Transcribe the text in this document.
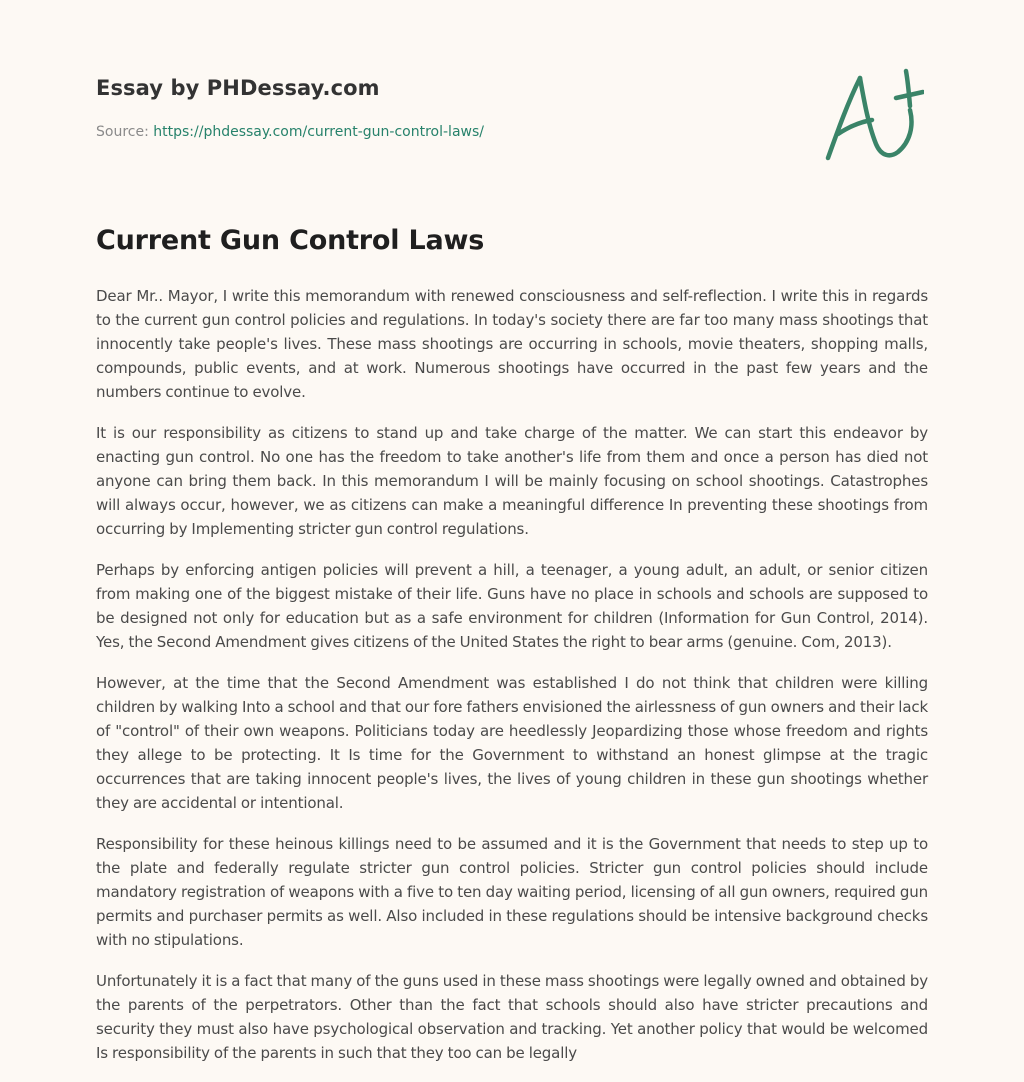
Essay by PHDessay.com
Source: https://phdessay.com/current-gun-control-laws/
Current Gun Control Laws

Dear Mr.. Mayor, I write this memorandum with renewed consciousness and self-reflection. I write this in regards to the current gun control policies and regulations. In today's society there are far too many mass shootings that innocently take people's lives. These mass shootings are occurring in schools, movie theaters, shopping malls, compounds, public events, and at work. Numerous shootings have occurred in the past few years and the numbers continue to evolve.

It is our responsibility as citizens to stand up and take charge of the matter. We can start this endeavor by enacting gun control. No one has the freedom to take another's life from them and once a person has died not anyone can bring them back. In this memorandum I will be mainly focusing on school shootings. Catastrophes will always occur, however, we as citizens can make a meaningful difference In preventing these shootings from occurring by Implementing stricter gun control regulations.

Perhaps by enforcing antigen policies will prevent a hill, a teenager, a young adult, an adult, or senior citizen from making one of the biggest mistake of their life. Guns have no place in schools and schools are supposed to be designed not only for education but as a safe environment for children (Information for Gun Control, 2014). Yes, the Second Amendment gives citizens of the United States the right to bear arms (genuine. Com, 2013).

However, at the time that the Second Amendment was established I do not think that children were killing children by walking Into a school and that our fore fathers envisioned the airlessness of gun owners and their lack of "control" of their own weapons. Politicians today are heedlessly Jeopardizing those whose freedom and rights they allege to be protecting. It Is time for the Government to withstand an honest glimpse at the tragic occurrences that are taking innocent people's lives, the lives of young children in these gun shootings whether they are accidental or intentional.

Responsibility for these heinous killings need to be assumed and it is the Government that needs to step up to the plate and federally regulate stricter gun control policies. Stricter gun control policies should include mandatory registration of weapons with a five to ten day waiting period, licensing of all gun owners, required gun permits and purchaser permits as well. Also included in these regulations should be intensive background checks with no stipulations.

Unfortunately it is a fact that many of the guns used in these mass shootings were legally owned and obtained by the parents of the perpetrators. Other than the fact that schools should also have stricter precautions and security they must also have psychological observation and tracking. Yet another policy that would be welcomed Is responsibility of the parents in such that they too can be legally
